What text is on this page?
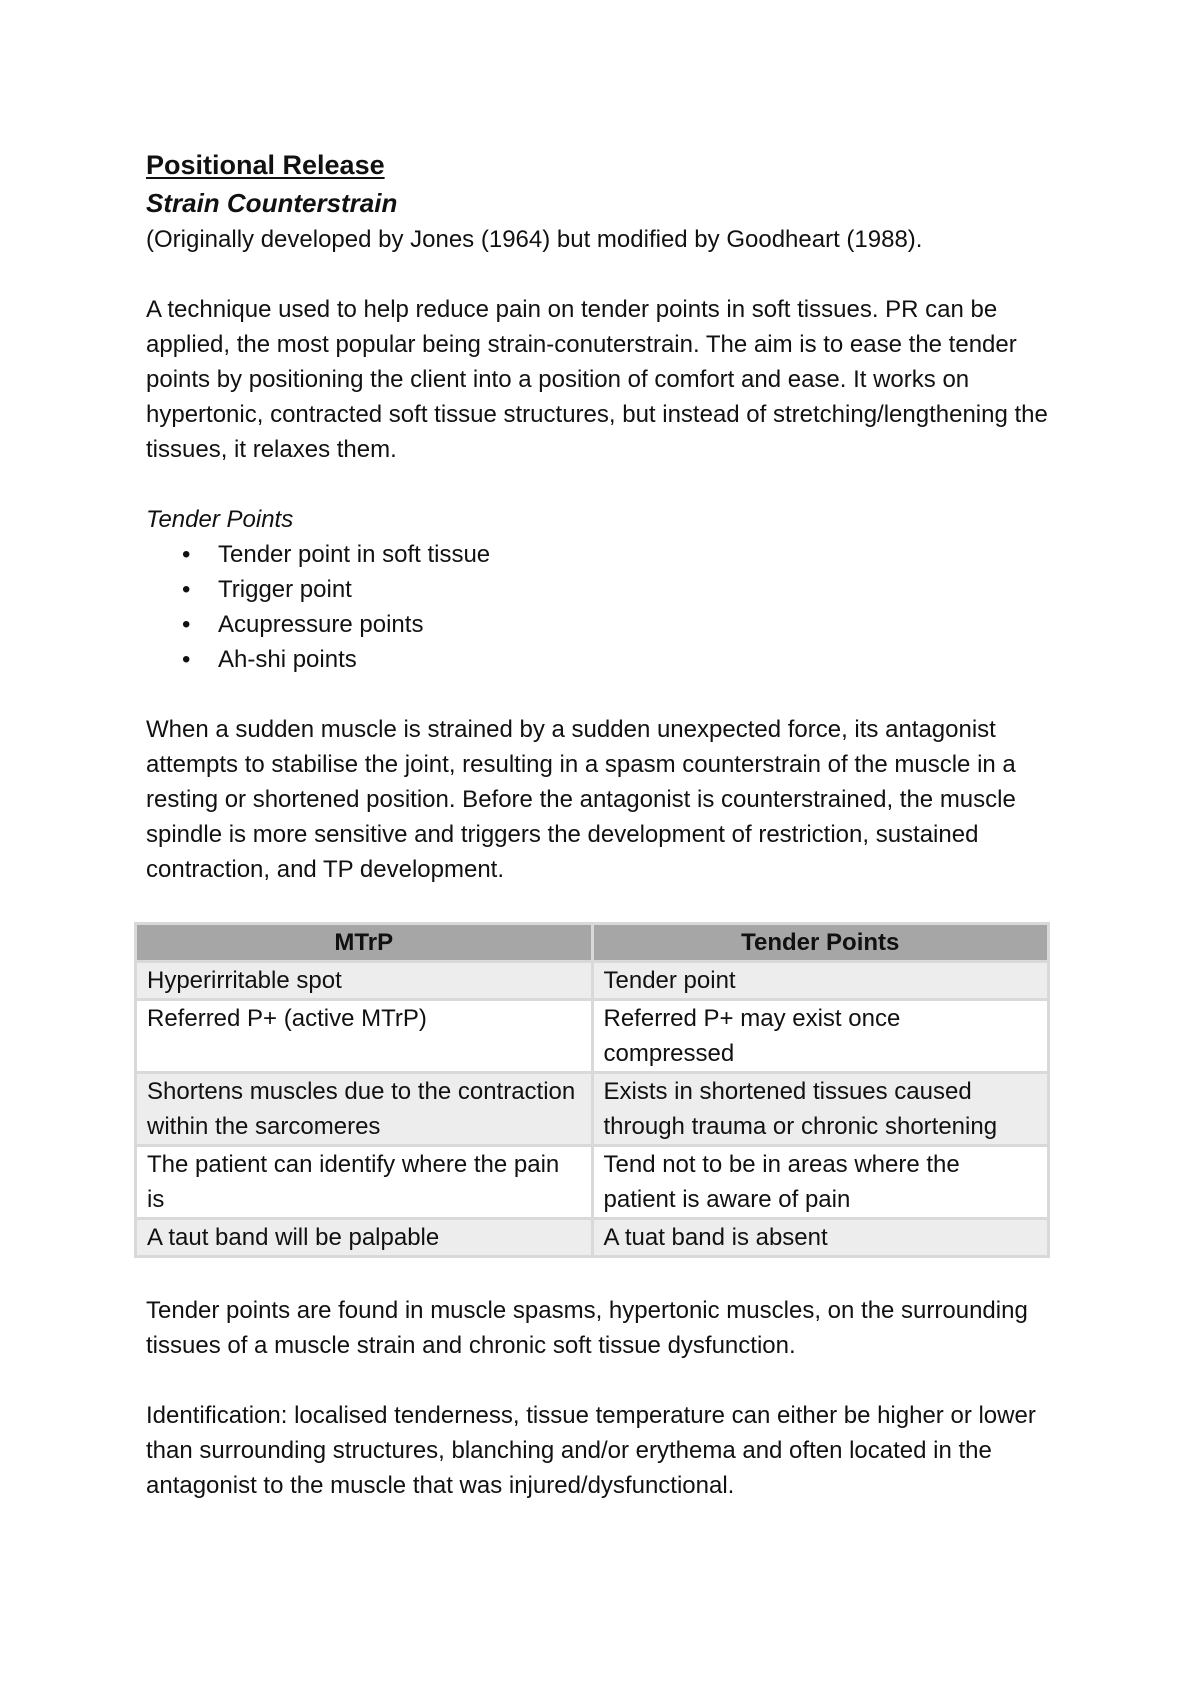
Positional Release
Strain Counterstrain

(Originally developed by Jones (1964) but modified by Goodheart (1988).

A technique used to help reduce pain on tender points in soft tissues. PR can be applied, the most popular being strain-conuterstrain. The aim is to ease the tender points by positioning the client into a position of comfort and ease. It works on hypertonic, contracted soft tissue structures, but instead of stretching/lengthening the tissues, it relaxes them.

Tender Points

• Tender point in soft tissue
• Trigger point
• Acupressure points
• Ah-shi points

When a sudden muscle is strained by a sudden unexpected force, its antagonist attempts to stabilise the joint, resulting in a spasm counterstrain of the muscle in a resting or shortened position. Before the antagonist is counterstrained, the muscle spindle is more sensitive and triggers the development of restriction, sustained contraction, and TP development.

MTrP	Tender Points
Hyperirritable spot	Tender point
Referred P+ (active MTrP)	Referred P+ may exist once compressed
Shortens muscles due to the contraction within the sarcomeres	Exists in shortened tissues caused through trauma or chronic shortening
The patient can identify where the pain is	Tend not to be in areas where the patient is aware of pain
A taut band will be palpable	A tuat band is absent

Tender points are found in muscle spasms, hypertonic muscles, on the surrounding tissues of a muscle strain and chronic soft tissue dysfunction.

Identification: localised tenderness, tissue temperature can either be higher or lower than surrounding structures, blanching and/or erythema and often located in the antagonist to the muscle that was injured/dysfunctional.
